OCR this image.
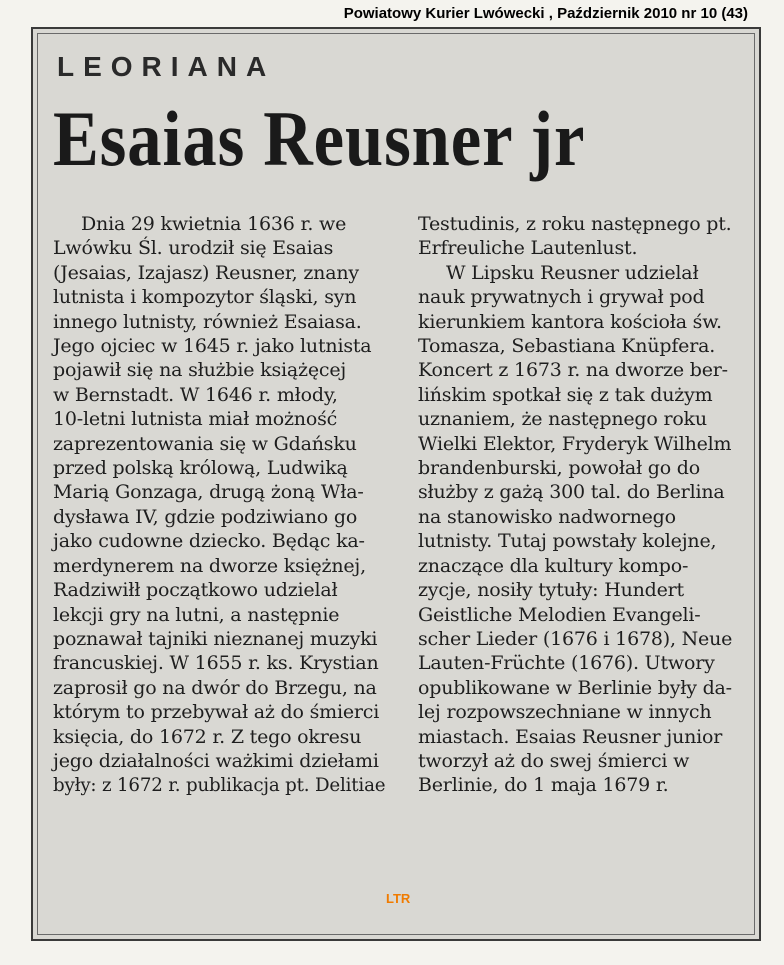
Powiatowy Kurier Lwówecki , Październik 2010 nr 10 (43)
LEORIANA
Esaias Reusner jr
Dnia 29 kwietnia 1636 r. we
Lwówku Śl. urodził się Esaias
(Jesaias, Izajasz) Reusner, znany
lutnista i kompozytor śląski, syn
innego lutnisty, również Esaiasa.
Jego ojciec w 1645 r. jako lutnista
pojawił się na służbie książęcej
w Bernstadt. W 1646 r. młody,
10-letni lutnista miał możność
zaprezentowania się w Gdańsku
przed polską królową, Ludwiką
Marią Gonzaga, drugą żoną Wła-
dysława IV, gdzie podziwiano go
jako cudowne dziecko. Będąc ka-
merdynerem na dworze księżnej,
Radziwiłł początkowo udzielał
lekcji gry na lutni, a następnie
poznawał tajniki nieznanej muzyki
francuskiej. W 1655 r. ks. Krystian
zaprosił go na dwór do Brzegu, na
którym to przebywał aż do śmierci
księcia, do 1672 r. Z tego okresu
jego działalności ważkimi dziełami
były: z 1672 r. publikacja pt. Delitiae
Testudinis, z roku następnego pt.
Erfreuliche Lautenlust.
W Lipsku Reusner udzielał
nauk prywatnych i grywał pod
kierunkiem kantora kościoła św.
Tomasza, Sebastiana Knüpfera.
Koncert z 1673 r. na dworze ber-
lińskim spotkał się z tak dużym
uznaniem, że następnego roku
Wielki Elektor, Fryderyk Wilhelm
brandenburski, powołał go do
służby z gażą 300 tal. do Berlina
na stanowisko nadwornego
lutnisty. Tutaj powstały kolejne,
znaczące dla kultury kompo-
zycje, nosiły tytuły: Hundert
Geistliche Melodien Evangeli-
scher Lieder (1676 i 1678), Neue
Lauten-Früchte (1676). Utwory
opublikowane w Berlinie były da-
lej rozpowszechniane w innych
miastach. Esaias Reusner junior
tworzył aż do swej śmierci w
Berlinie, do 1 maja 1679 r.
LTR
